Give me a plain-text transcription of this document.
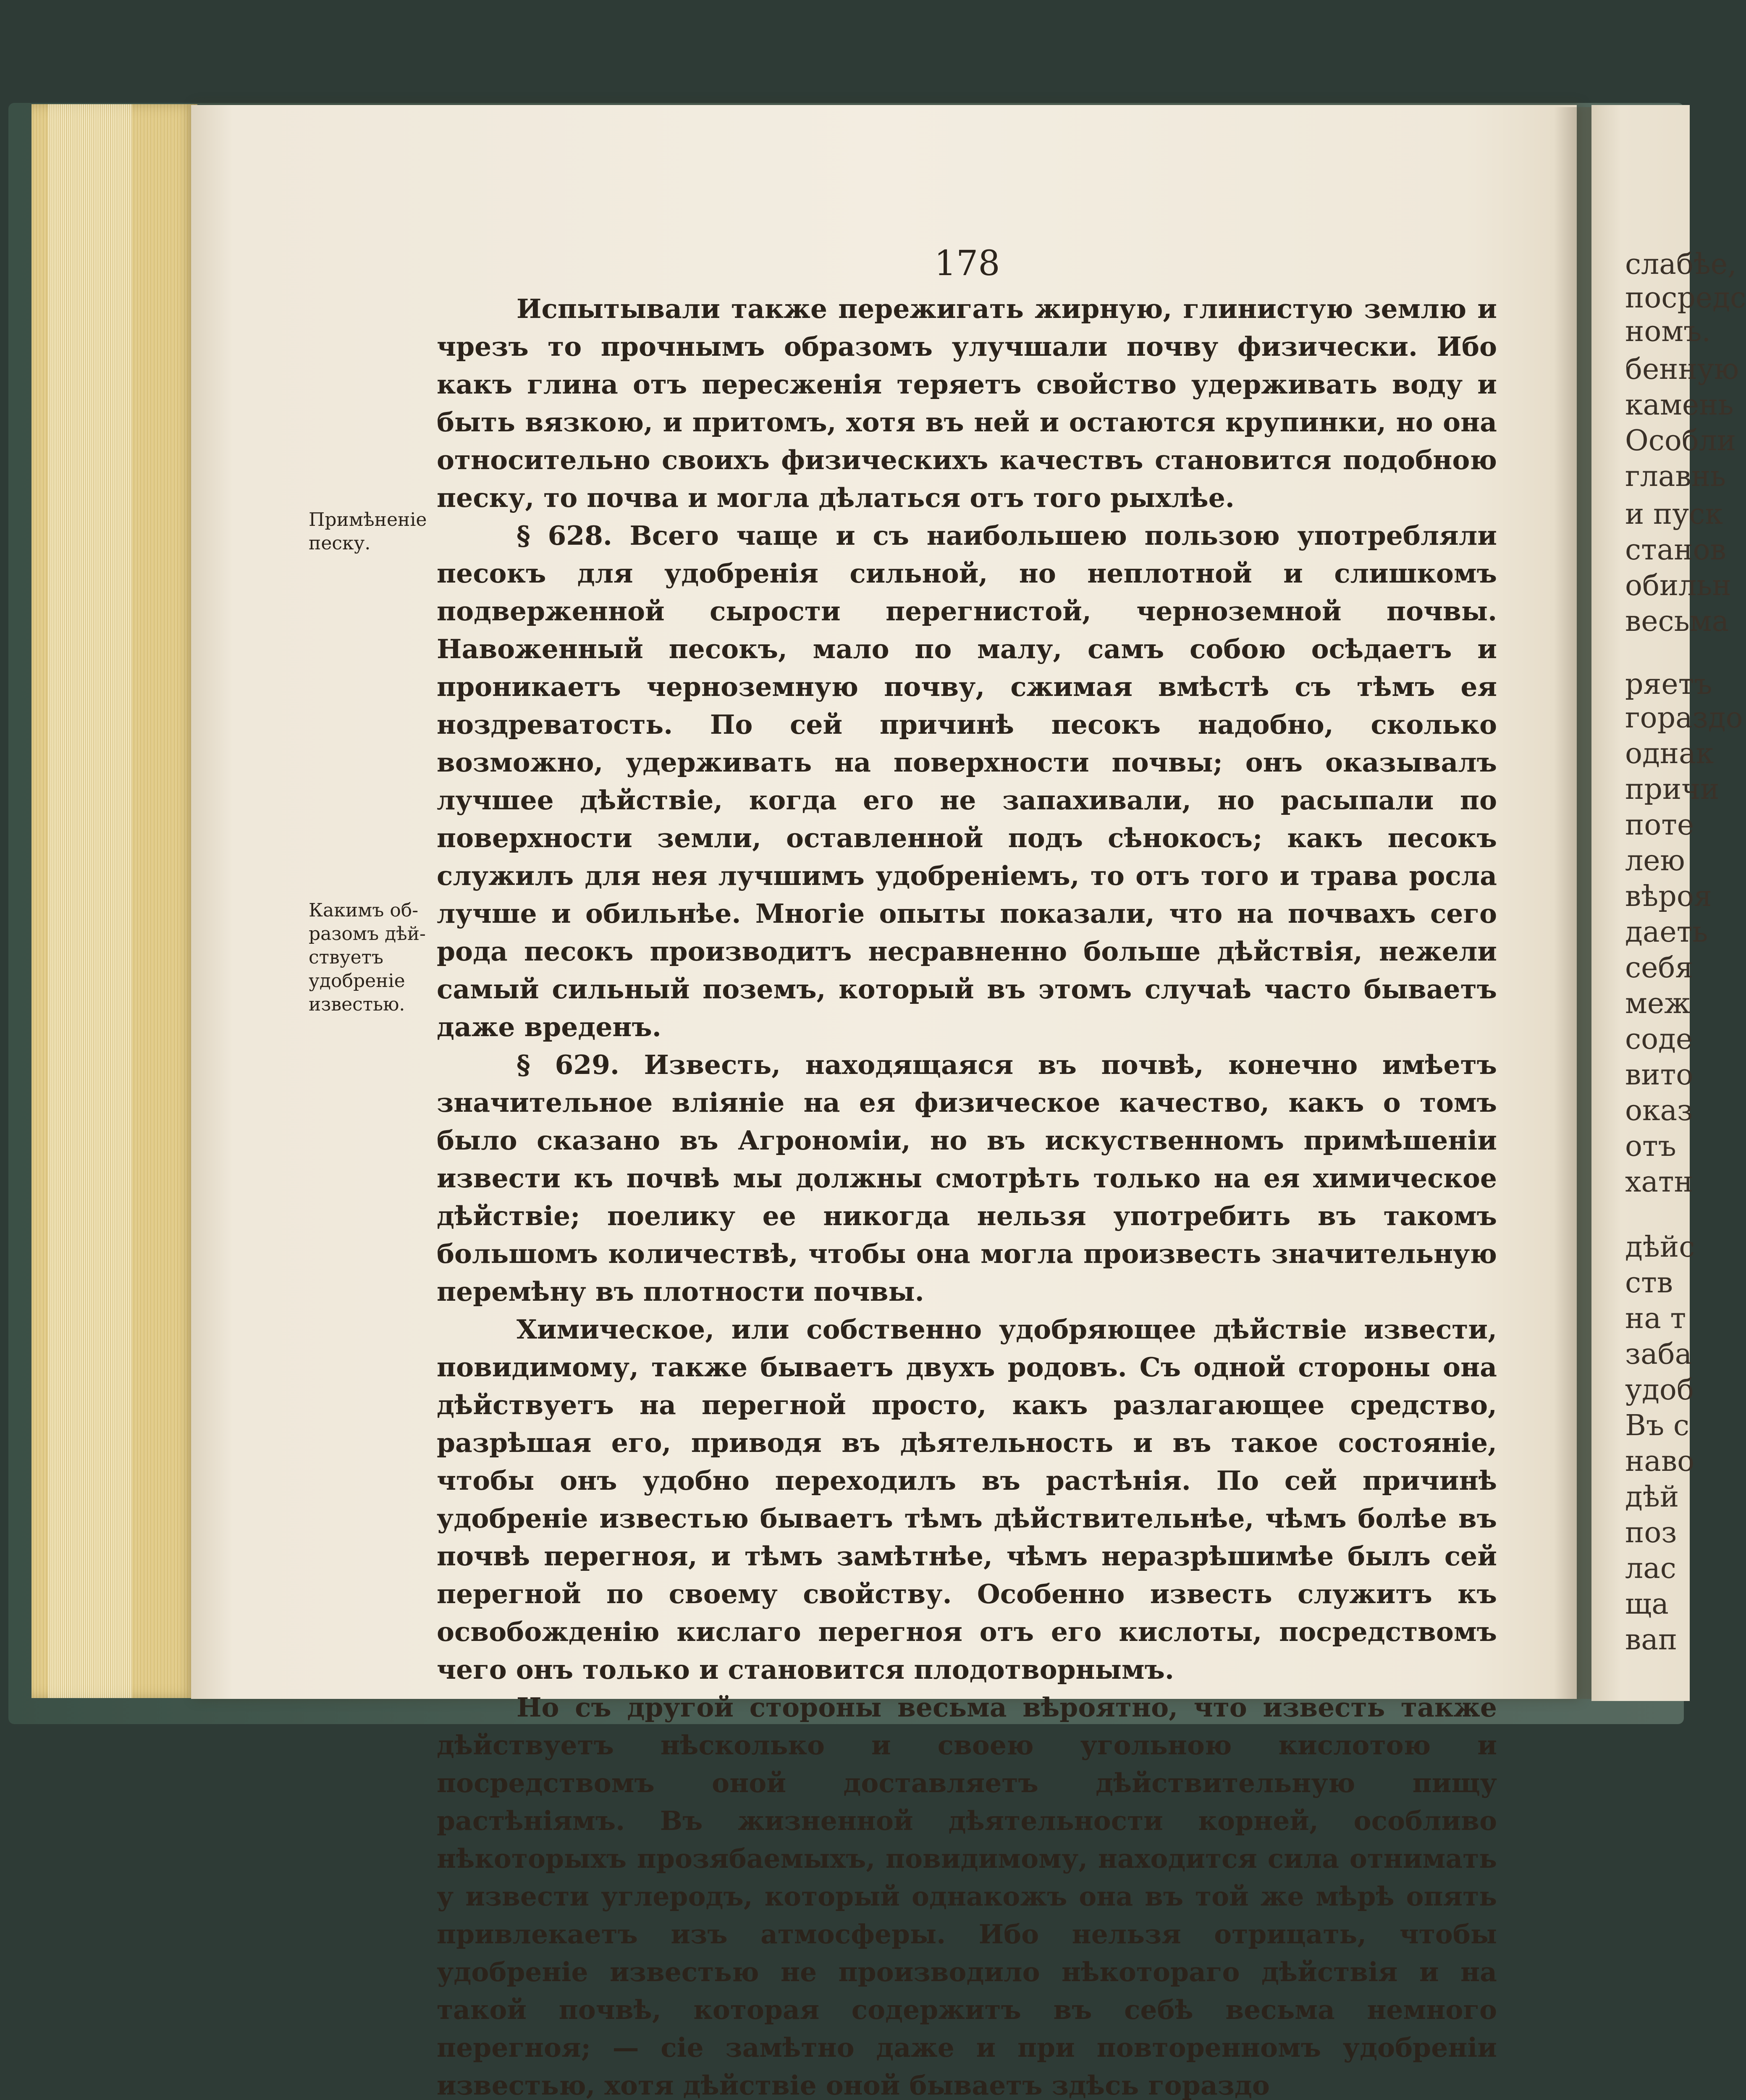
слабѣе,
посредс
номъ.
бенную
камень
Особли
главнь
и пуск
станов
обильн
весьма
ряетъ
гораздо
однак
причи
поте
лею
вѣроя
даеть
себя
меж
соде
вито
оказ
отъ
хатн
дѣйс
ств
на т
заба
удоб
Въ с
наво
дѣй
поз
лас
ща
вап
178
Примѣненіе
песку.
Какимъ об-
разомъ дѣй-
ствуетъ
удобреніе
известью.

Испытывали также пережигать жирную, глинистую землю и чрезъ то прочнымъ образомъ улучшали почву физически. Ибо какъ глина отъ пересженія теряетъ свойство удерживать воду и быть вязкою, и притомъ, хотя въ ней и остаются крупинки, но она относительно своихъ физическихъ качествъ становится подобною песку, то почва и могла дѣлаться отъ того рыхлѣе.

§ 628. Всего чаще и съ наибольшею пользою употребляли песокъ для удобренія сильной, но неплотной и слишкомъ подверженной сырости перегнистой, черноземной почвы. Навоженный песокъ, мало по малу, самъ собою осѣдаетъ и проникаетъ черноземную почву, сжимая вмѣстѣ съ тѣмъ ея ноздреватость. По сей причинѣ песокъ надобно, сколько возможно, удерживать на поверхности почвы; онъ оказывалъ лучшее дѣйствіе, когда его не запахивали, но расыпали по поверхности земли, оставленной подъ сѣнокосъ; какъ песокъ служилъ для нея лучшимъ удобреніемъ, то отъ того и трава росла лучше и обильнѣе. Многіе опыты показали, что на почвахъ сего рода песокъ производитъ несравненно больше дѣйствія, нежели самый сильный поземъ, который въ этомъ случаѣ часто бываетъ даже вреденъ.

§ 629. Известь, находящаяся въ почвѣ, конечно имѣетъ значительное вліяніе на ея физическое качество, какъ о томъ было сказано въ Агрономіи, но въ искуственномъ примѣшеніи извести къ почвѣ мы должны смотрѣть только на ея химическое дѣйствіе; поелику ее никогда нельзя употребить въ такомъ большомъ количествѣ, чтобы она могла произвесть значительную перемѣну въ плотности почвы.

Химическое, или собственно удобряющее дѣйствіе извести, повидимому, также бываетъ двухъ родовъ. Съ одной стороны она дѣйствуетъ на перегной просто, какъ разлагающее средство, разрѣшая его, приводя въ дѣятельность и въ такое состояніе, чтобы онъ удобно переходилъ въ растѣнія. По сей причинѣ удобреніе известью бываетъ тѣмъ дѣйствительнѣе, чѣмъ болѣе въ почвѣ перегноя, и тѣмъ замѣтнѣе, чѣмъ неразрѣшимѣе былъ сей перегной по своему свойству. Особенно известь служитъ къ освобожденію кислаго перегноя отъ его кислоты, посредствомъ чего онъ только и становится плодотворнымъ.

Но съ другой стороны весьма вѣроятно, что известь также дѣйствуетъ нѣсколько и своею угольною кислотою и посредствомъ оной доставляетъ дѣйствительную пищу растѣніямъ. Въ жизненной дѣятельности корней, особливо нѣкоторыхъ прозябаемыхъ, повидимому, находится сила отнимать у извести углеродъ, который однакожъ она въ той же мѣрѣ опять привлекаетъ изъ атмосферы. Ибо нельзя отрицать, чтобы удобреніе известью не производило нѣкотораго дѣйствія и на такой почвѣ, которая содержитъ въ себѣ весьма немного перегноя; — сіе замѣтно даже и при повторенномъ удобреніи известью, хотя дѣйствіе оной бываетъ здѣсь гораздо
